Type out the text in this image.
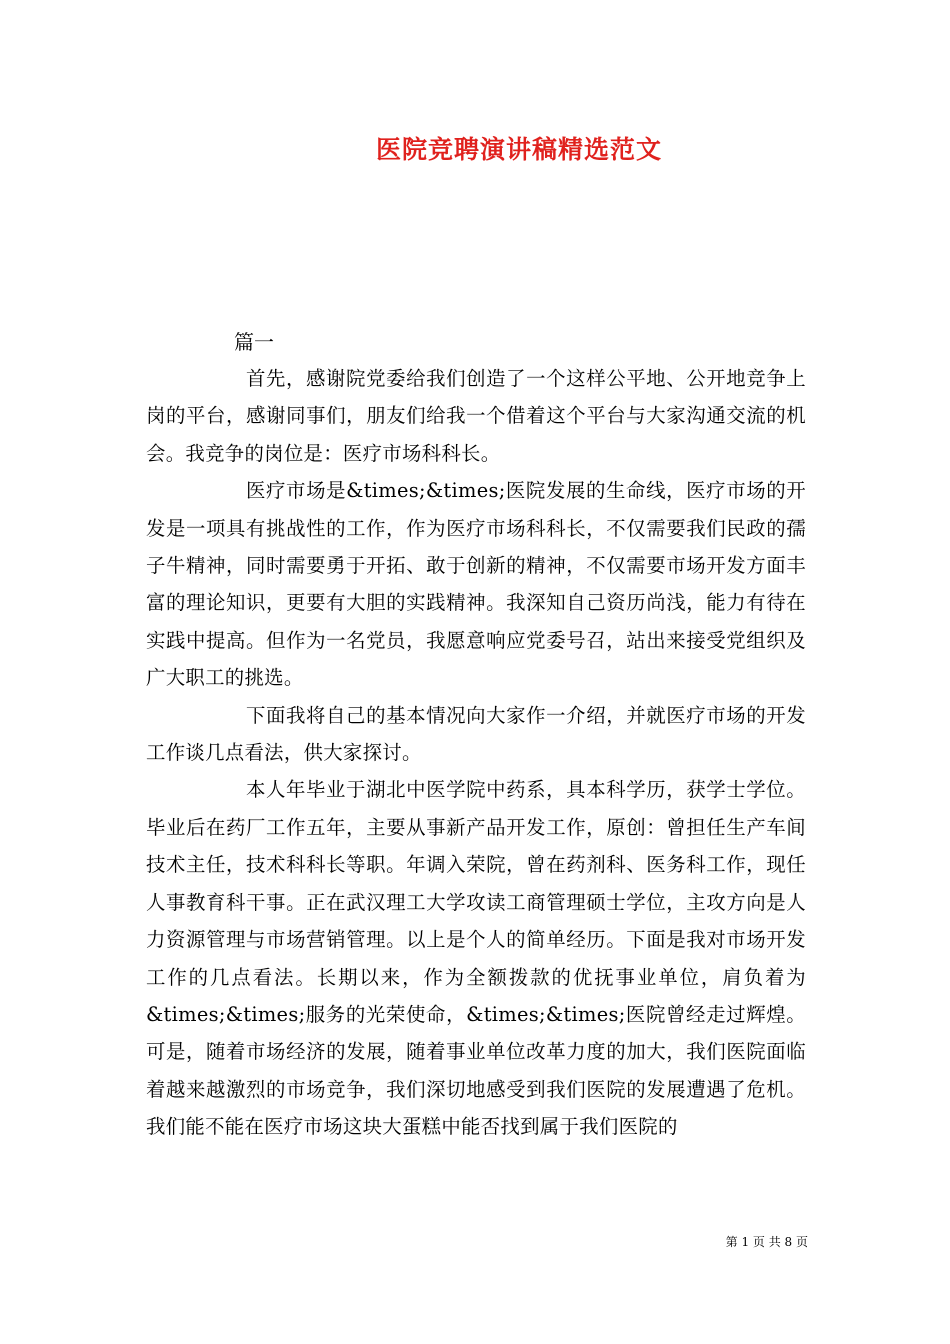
医院竞聘演讲稿精选范文
篇一

首先，感谢院党委给我们创造了一个这样公平地、公开地竞争上岗的平台，感谢同事们，朋友们给我一个借着这个平台与大家沟通交流的机会。我竞争的岗位是：医疗市场科科长。

医疗市场是&times;&times;医院发展的生命线，医疗市场的开发是一项具有挑战性的工作，作为医疗市场科科长，不仅需要我们民政的孺子牛精神，同时需要勇于开拓、敢于创新的精神，不仅需要市场开发方面丰富的理论知识，更要有大胆的实践精神。我深知自己资历尚浅，能力有待在实践中提高。但作为一名党员，我愿意响应党委号召，站出来接受党组织及广大职工的挑选。

下面我将自己的基本情况向大家作一介绍，并就医疗市场的开发工作谈几点看法，供大家探讨。

本人年毕业于湖北中医学院中药系，具本科学历，获学士学位。毕业后在药厂工作五年，主要从事新产品开发工作，原创：曾担任生产车间技术主任，技术科科长等职。年调入荣院，曾在药剂科、医务科工作，现任人事教育科干事。正在武汉理工大学攻读工商管理硕士学位，主攻方向是人力资源管理与市场营销管理。以上是个人的简单经历。下面是我对市场开发工作的几点看法。长期以来，作为全额拨款的优抚事业单位，肩负着为&times;&times;服务的光荣使命，&times;&times;医院曾经走过辉煌。可是，随着市场经济的发展，随着事业单位改革力度的加大，我们医院面临着越来越激烈的市场竞争，我们深切地感受到我们医院的发展遭遇了危机。我们能不能在医疗市场这块大蛋糕中能否找到属于我们医院的

第 1 页 共 8 页
